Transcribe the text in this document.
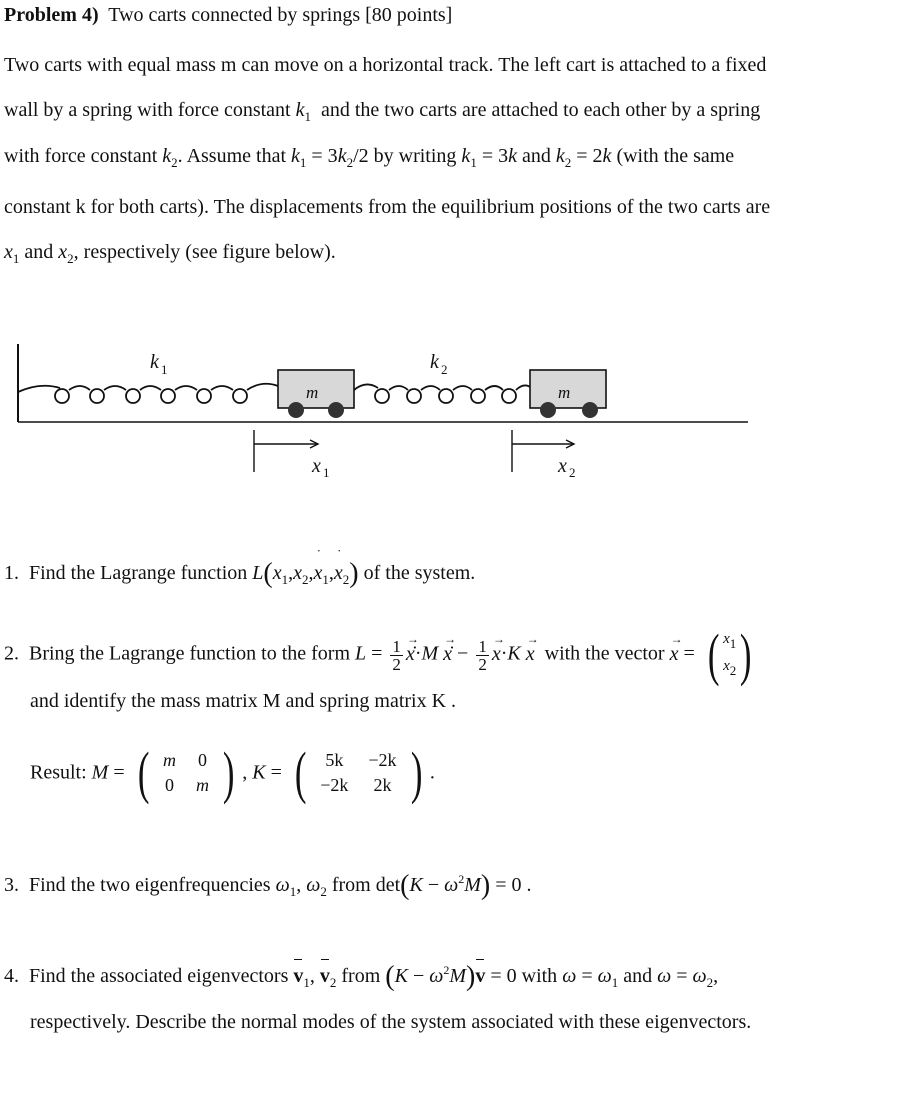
Problem 4) Two carts connected by springs [80 points]
Two carts with equal mass m can move on a horizontal track. The left cart is attached to a fixed
wall by a spring with force constant $k_1$ and the two carts are attached to each other by a spring
with force constant $k_2$. Assume that $k_1 = 3k_2/2$ by writing $k_1 = 3k$ and $k_2 = 2k$ (with the same
constant k for both carts). The displacements from the equilibrium positions of the two carts are
$x_1$ and $x_2$, respectively (see figure below).
k 1
m
k 2
m
x 1	x 2
1. Find the Lagrange function $L(x_1,x_2,x$
˙
$_1$,x
˙
$_2$) of the system.
2. Bring the Lagrange function to the form $L = \frac{1}{2}$ x
→
̇·M x
→
̇ − $\frac{1}{2}$ x
→
·K x
→
with the vector x
→
= ( x1
x2)
and identify the mass matrix M and spring matrix K .
Result: M = ( m	0
0	m ) , K = ( 5k	−2k
−2k	2k ) .
3. Find the two eigenfrequencies $\omega_1$, $\omega_2$ from $\det(K - \omega^2M) = 0$ .
4. Find the associated eigenvectors v
$_1$, v
$_2$ from $(K - \omega^2M)v$
= 0 with $\omega = \omega_1$ and $\omega = \omega_2$,
respectively. Describe the normal modes of the system associated with these eigenvectors.
